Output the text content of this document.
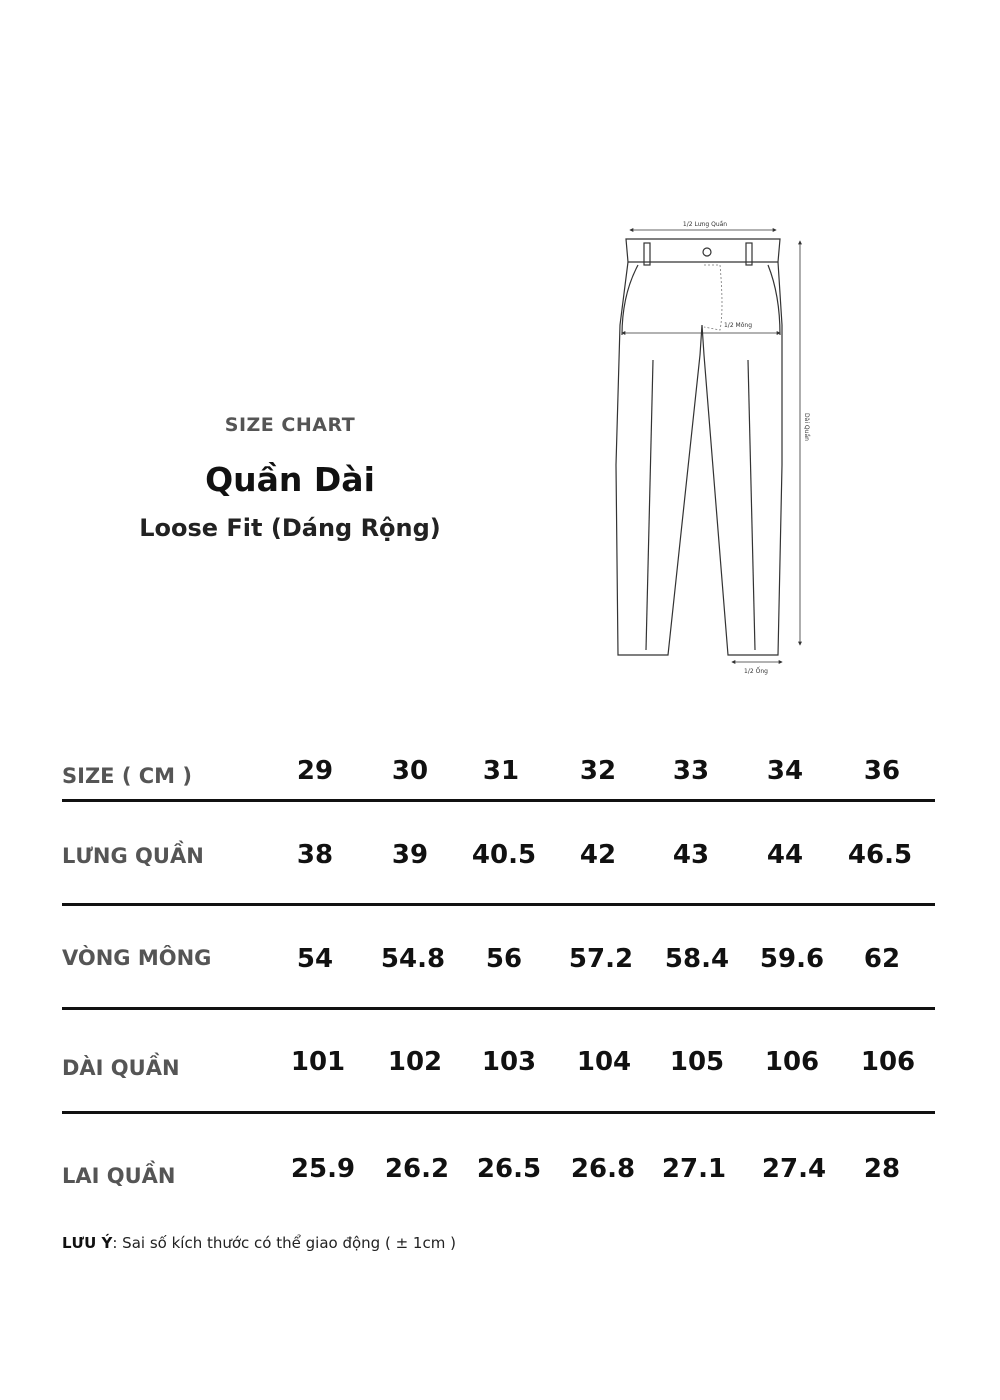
SIZE CHART
Quần Dài
Loose Fit (Dáng Rộng)
1/2 Lưng Quần
1/2 Mông
Dài Quần
1/2 Ống
SIZE ( CM )	29	30	31	32	33	34	36
LƯNG QUẦN	38	39	40.5	42	43	44	46.5
VÒNG MÔNG	54	54.8	56	57.2	58.4	59.6	62
DÀI QUẦN	101	102	103	104	105	106	106
LAI QUẦN	25.9	26.2	26.5	26.8	27.1	27.4	28
LƯU Ý: Sai số kích thước có thể giao động ( ± 1cm )
